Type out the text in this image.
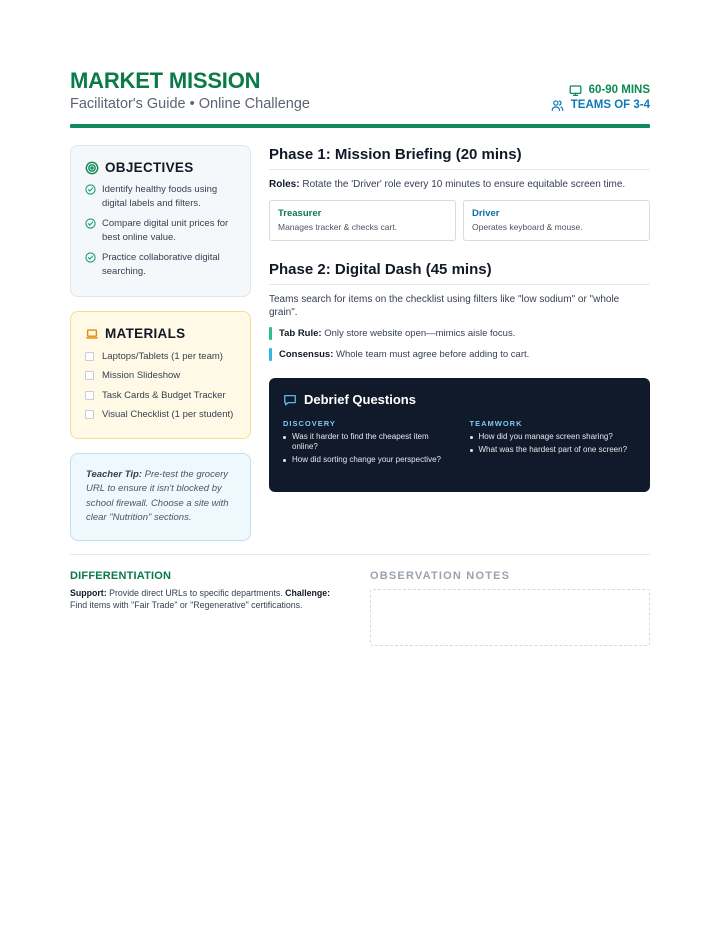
MARKET MISSION
Facilitator's Guide • Online Challenge
60-90 MINS
TEAMS OF 3-4
OBJECTIVES
Identify healthy foods using digital labels and filters.
Compare digital unit prices for best online value.
Practice collaborative digital searching.
MATERIALS
Laptops/Tablets (1 per team)
Mission Slideshow
Task Cards & Budget Tracker
Visual Checklist (1 per student)
Teacher Tip: Pre-test the grocery URL to ensure it isn't blocked by school firewall. Choose a site with clear "Nutrition" sections.
Phase 1: Mission Briefing (20 mins)
Roles: Rotate the 'Driver' role every 10 minutes to ensure equitable screen time.
Treasurer
Manages tracker & checks cart.
Driver
Operates keyboard & mouse.
Phase 2: Digital Dash (45 mins)
Teams search for items on the checklist using filters like "low sodium" or "whole grain".
Tab Rule: Only store website open—mimics aisle focus.
Consensus: Whole team must agree before adding to cart.
Debrief Questions
DISCOVERY
Was it harder to find the cheapest item online?
How did sorting change your perspective?
TEAMWORK
How did you manage screen sharing?
What was the hardest part of one screen?
DIFFERENTIATION
Support: Provide direct URLs to specific departments. Challenge: Find items with "Fair Trade" or "Regenerative" certifications.
OBSERVATION NOTES
